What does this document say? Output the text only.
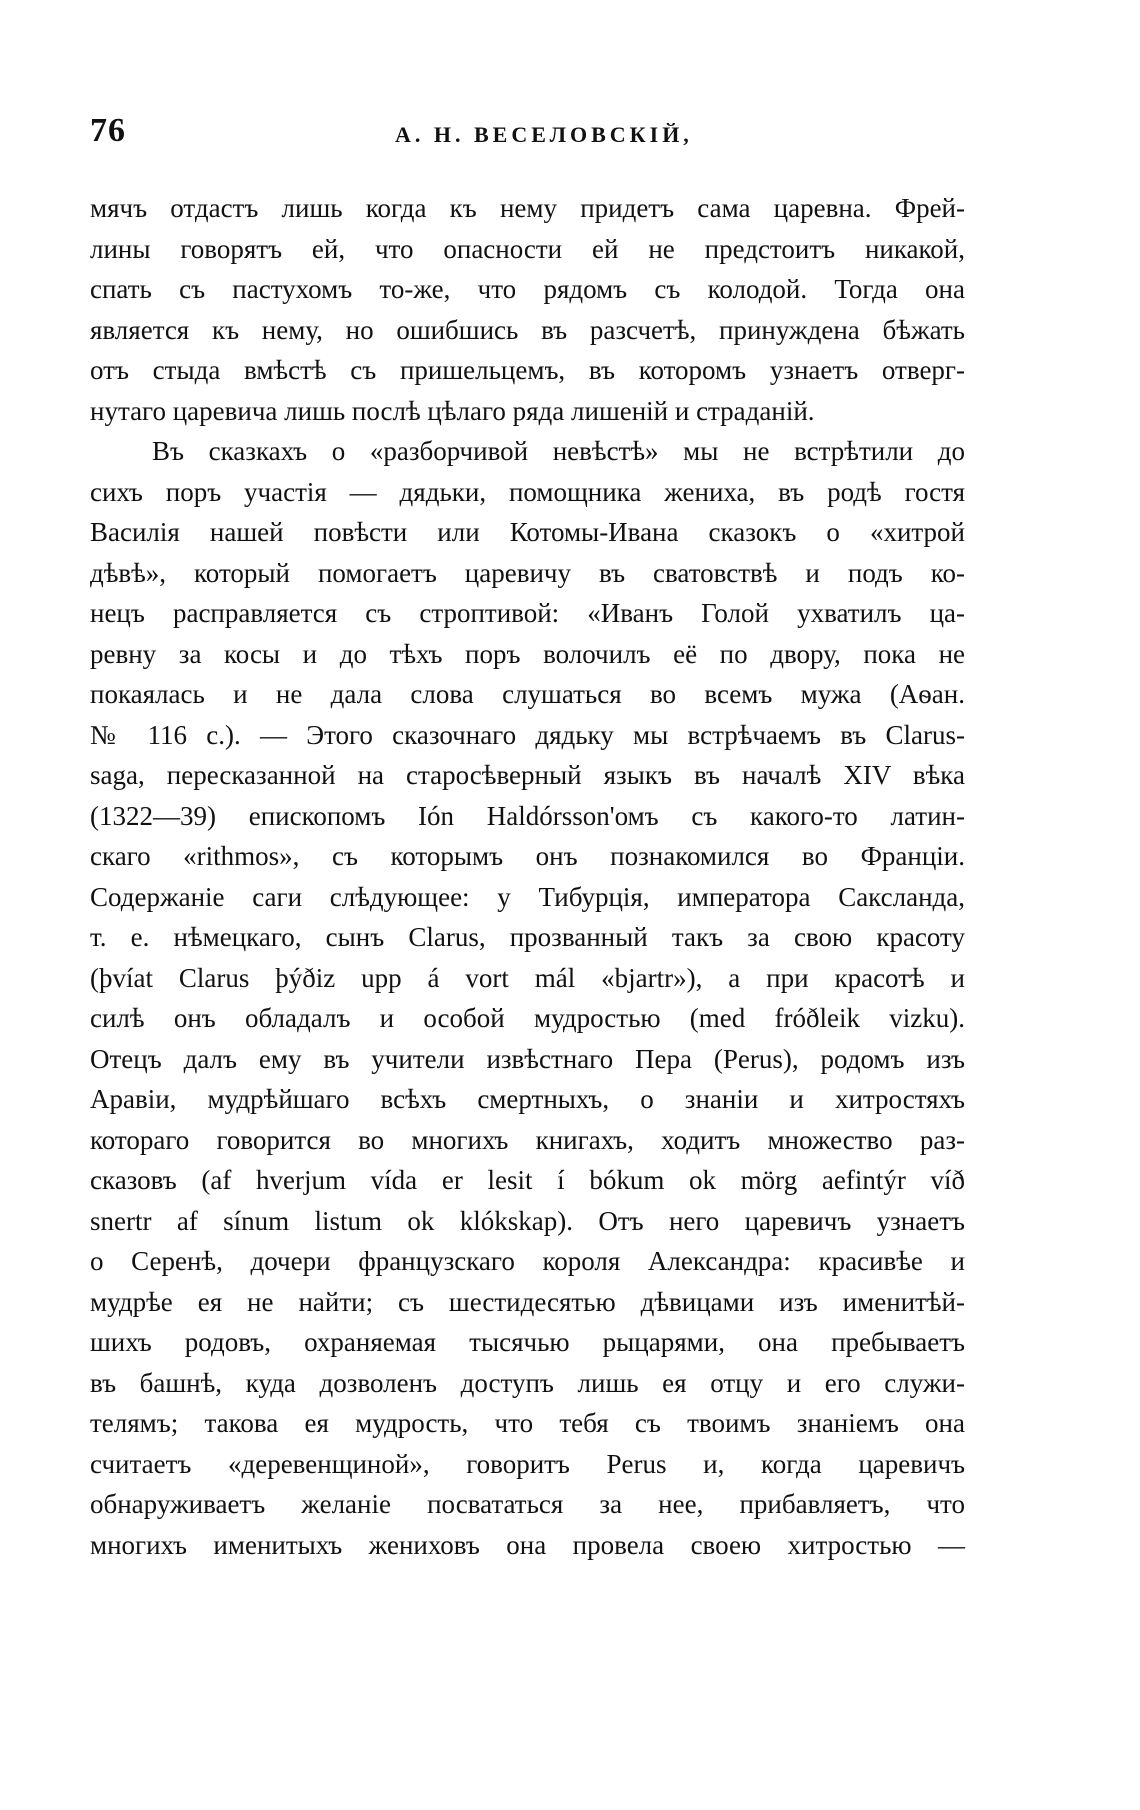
76	А. Н. ВЕСЕЛОВСКІЙ,
мячъ отдастъ лишь когда къ нему придетъ сама царевна. Фрей-
лины говорятъ ей, что опасности ей не предстоитъ никакой,
спать съ пастухомъ то-же, что рядомъ съ колодой. Тогда она
является къ нему, но ошибшись въ разсчетѣ, принуждена бѣжать
отъ стыда вмѣстѣ съ пришельцемъ, въ которомъ узнаетъ отверг-
нутаго царевича лишь послѣ цѣлаго ряда лишеній и страданій.
Въ сказкахъ о «разборчивой невѣстѣ» мы не встрѣтили до
сихъ поръ участія — дядьки, помощника жениха, въ родѣ гостя
Василія нашей повѣсти или Котомы-Ивана сказокъ о «хитрой
дѣвѣ», который помогаетъ царевичу въ сватовствѣ и подъ ко-
нецъ расправляется съ строптивой: «Иванъ Голой ухватилъ ца-
ревну за косы и до тѣхъ поръ волочилъ её по двору, пока не
покаялась и не дала слова слушаться во всемъ мужа (Аѳан.
№ 116 с.). — Этого сказочнаго дядьку мы встрѣчаемъ въ Clarus-
saga, пересказанной на старосѣверный языкъ въ началѣ XIV вѣка
(1322—39) епископомъ Ión Haldórsson'омъ съ какого-то латин-
скаго «rithmos», съ которымъ онъ познакомился во Франціи.
Содержаніе саги слѣдующее: у Тибурція, императора Саксланда,
т. е. нѣмецкаго, сынъ Clarus, прозванный такъ за свою красоту
(þvíat Clarus þýðiz upp á vort mál «bjartr»), а при красотѣ и
силѣ онъ обладалъ и особой мудростью (med fróðleik vizku).
Отецъ далъ ему въ учители извѣстнаго Пера (Perus), родомъ изъ
Аравіи, мудрѣйшаго всѣхъ смертныхъ, о знаніи и хитростяхъ
котораго говорится во многихъ книгахъ, ходитъ множество раз-
сказовъ (af hverjum vída er lesit í bókum ok mörg aefintýr víð
snertr af sínum listum ok klókskap). Отъ него царевичъ узнаетъ
о Серенѣ, дочери французскаго короля Александра: красивѣе и
мудрѣе ея не найти; съ шестидесятью дѣвицами изъ именитѣй-
шихъ родовъ, охраняемая тысячью рыцарями, она пребываетъ
въ башнѣ, куда дозволенъ доступъ лишь ея отцу и его служи-
телямъ; такова ея мудрость, что тебя съ твоимъ знаніемъ она
считаетъ «деревенщиной», говоритъ Perus и, когда царевичъ
обнаруживаетъ желаніе посвататься за нее, прибавляетъ, что
многихъ именитыхъ жениховъ она провела своею хитростью —
